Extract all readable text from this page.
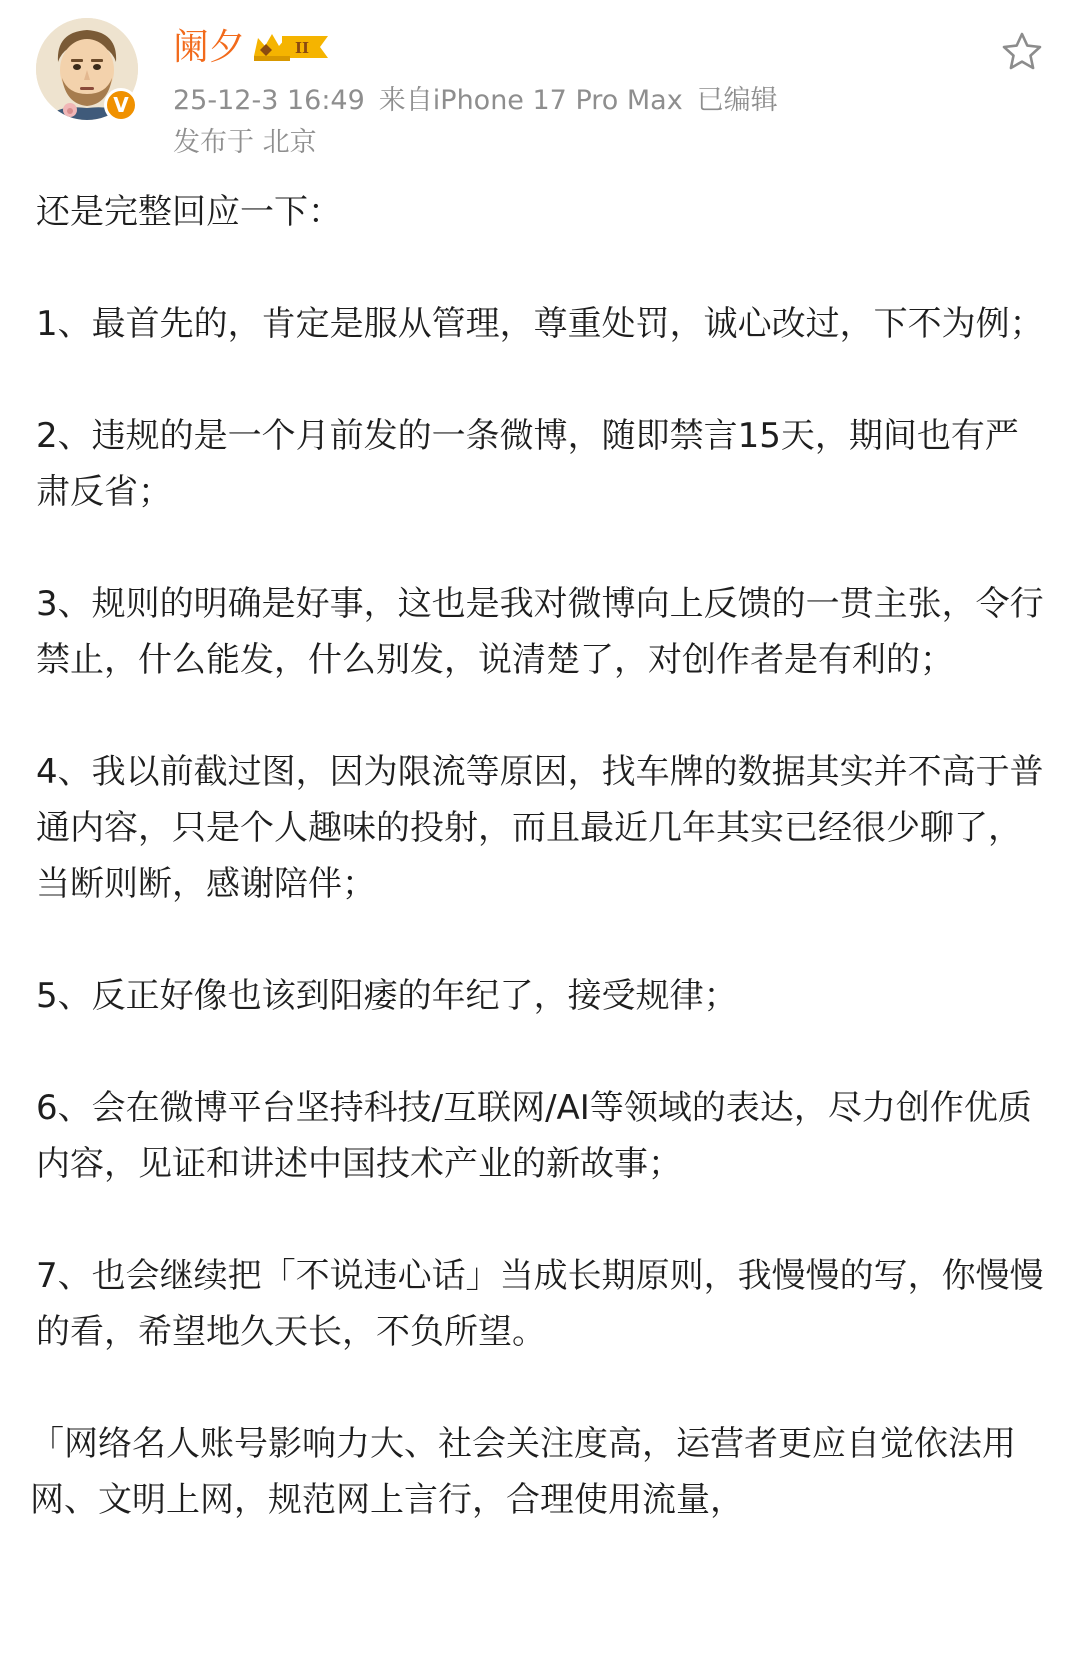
V
阑夕	II
25-12-3 16:49 来自iPhone 17 Pro Max 已编辑
发布于 北京

还是完整回应一下：

1、最首先的，肯定是服从管理，尊重处罚，诚心改过，下不为例；

2、违规的是一个月前发的一条微博，随即禁言15天，期间也有严肃反省；

3、规则的明确是好事，这也是我对微博向上反馈的一贯主张，令行禁止，什么能发，什么别发，说清楚了，对创作者是有利的；

4、我以前截过图，因为限流等原因，找车牌的数据其实并不高于普通内容，只是个人趣味的投射，而且最近几年其实已经很少聊了，当断则断，感谢陪伴；

5、反正好像也该到阳痿的年纪了，接受规律；

6、会在微博平台坚持科技/互联网/AI等领域的表达，尽力创作优质内容，见证和讲述中国技术产业的新故事；

7、也会继续把「不说违心话」当成长期原则，我慢慢的写，你慢慢的看，希望地久天长，不负所望。

「网络名人账号影响力大、社会关注度高，运营者更应自觉依法用网、文明上网，规范网上言行，合理使用流量，
